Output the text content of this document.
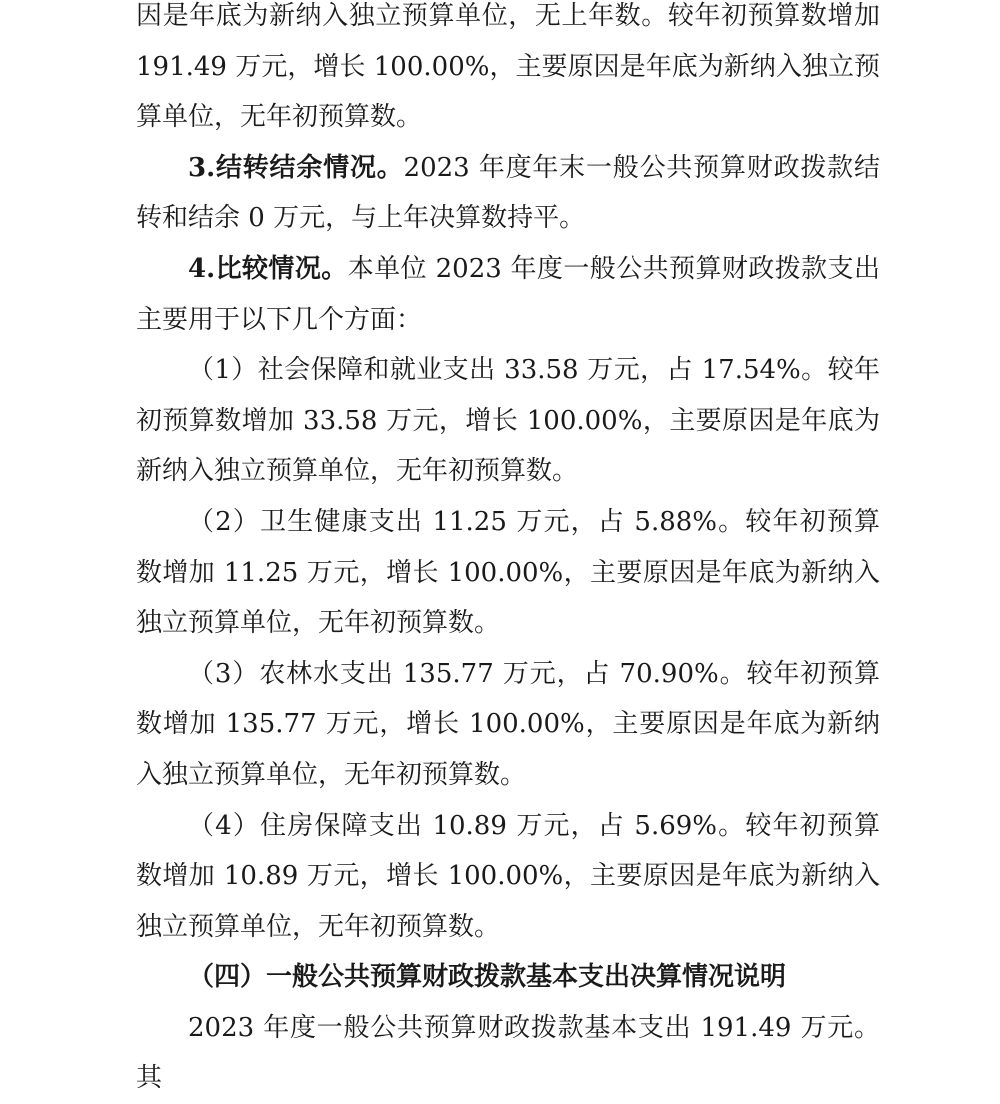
因是年底为新纳入独立预算单位，无上年数。较年初预算数增加 191.49 万元，增长 100.00%，主要原因是年底为新纳入独立预算单位，无年初预算数。

3.结转结余情况。2023 年度年末一般公共预算财政拨款结转和结余 0 万元，与上年决算数持平。

4.比较情况。本单位 2023 年度一般公共预算财政拨款支出主要用于以下几个方面：

（1）社会保障和就业支出 33.58 万元，占 17.54%。较年初预算数增加 33.58 万元，增长 100.00%，主要原因是年底为新纳入独立预算单位，无年初预算数。

（2）卫生健康支出 11.25 万元，占 5.88%。较年初预算数增加 11.25 万元，增长 100.00%，主要原因是年底为新纳入独立预算单位，无年初预算数。

（3）农林水支出 135.77 万元，占 70.90%。较年初预算数增加 135.77 万元，增长 100.00%，主要原因是年底为新纳入独立预算单位，无年初预算数。

（4）住房保障支出 10.89 万元，占 5.69%。较年初预算数增加 10.89 万元，增长 100.00%，主要原因是年底为新纳入独立预算单位，无年初预算数。

（四）一般公共预算财政拨款基本支出决算情况说明

2023 年度一般公共预算财政拨款基本支出 191.49 万元。其
